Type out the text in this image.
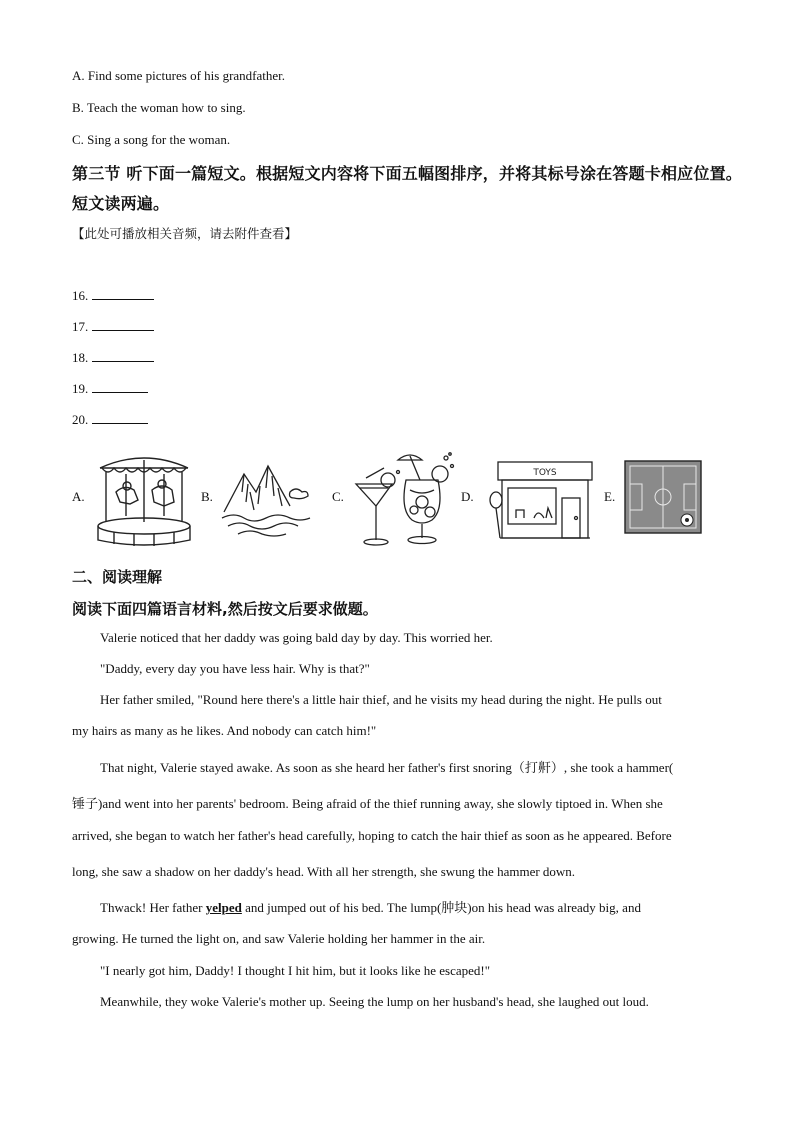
A. Find some pictures of his grandfather.
B. Teach the woman how to sing.
C. Sing a song for the woman.
第三节 听下面一篇短文。根据短文内容将下面五幅图排序，并将其标号涂在答题卡相应位置。
短文读两遍。
【此处可播放相关音频，请去附件查看】
16.
17.
18.
19.
20.
A.	B.	C.	D.
TOYS
E.
二、阅读理解
阅读下面四篇语言材料,然后按文后要求做题。
Valerie noticed that her daddy was going bald day by day. This worried her.
"Daddy, every day you have less hair. Why is that?"
Her father smiled, "Round here there's a little hair thief, and he visits my head during the night. He pulls out
my hairs as many as he likes. And nobody can catch him!"
That night, Valerie stayed awake. As soon as she heard her father's first snoring（打鼾）, she took a hammer(
锤子)and went into her parents' bedroom. Being afraid of the thief running away, she slowly tiptoed in. When she
arrived, she began to watch her father's head carefully, hoping to catch the hair thief as soon as he appeared. Before
long, she saw a shadow on her daddy's head. With all her strength, she swung the hammer down.
Thwack! Her father yelped and jumped out of his bed. The lump(肿块)on his head was already big, and
growing. He turned the light on, and saw Valerie holding her hammer in the air.
"I nearly got him, Daddy! I thought I hit him, but it looks like he escaped!"
Meanwhile, they woke Valerie's mother up. Seeing the lump on her husband's head, she laughed out loud.
